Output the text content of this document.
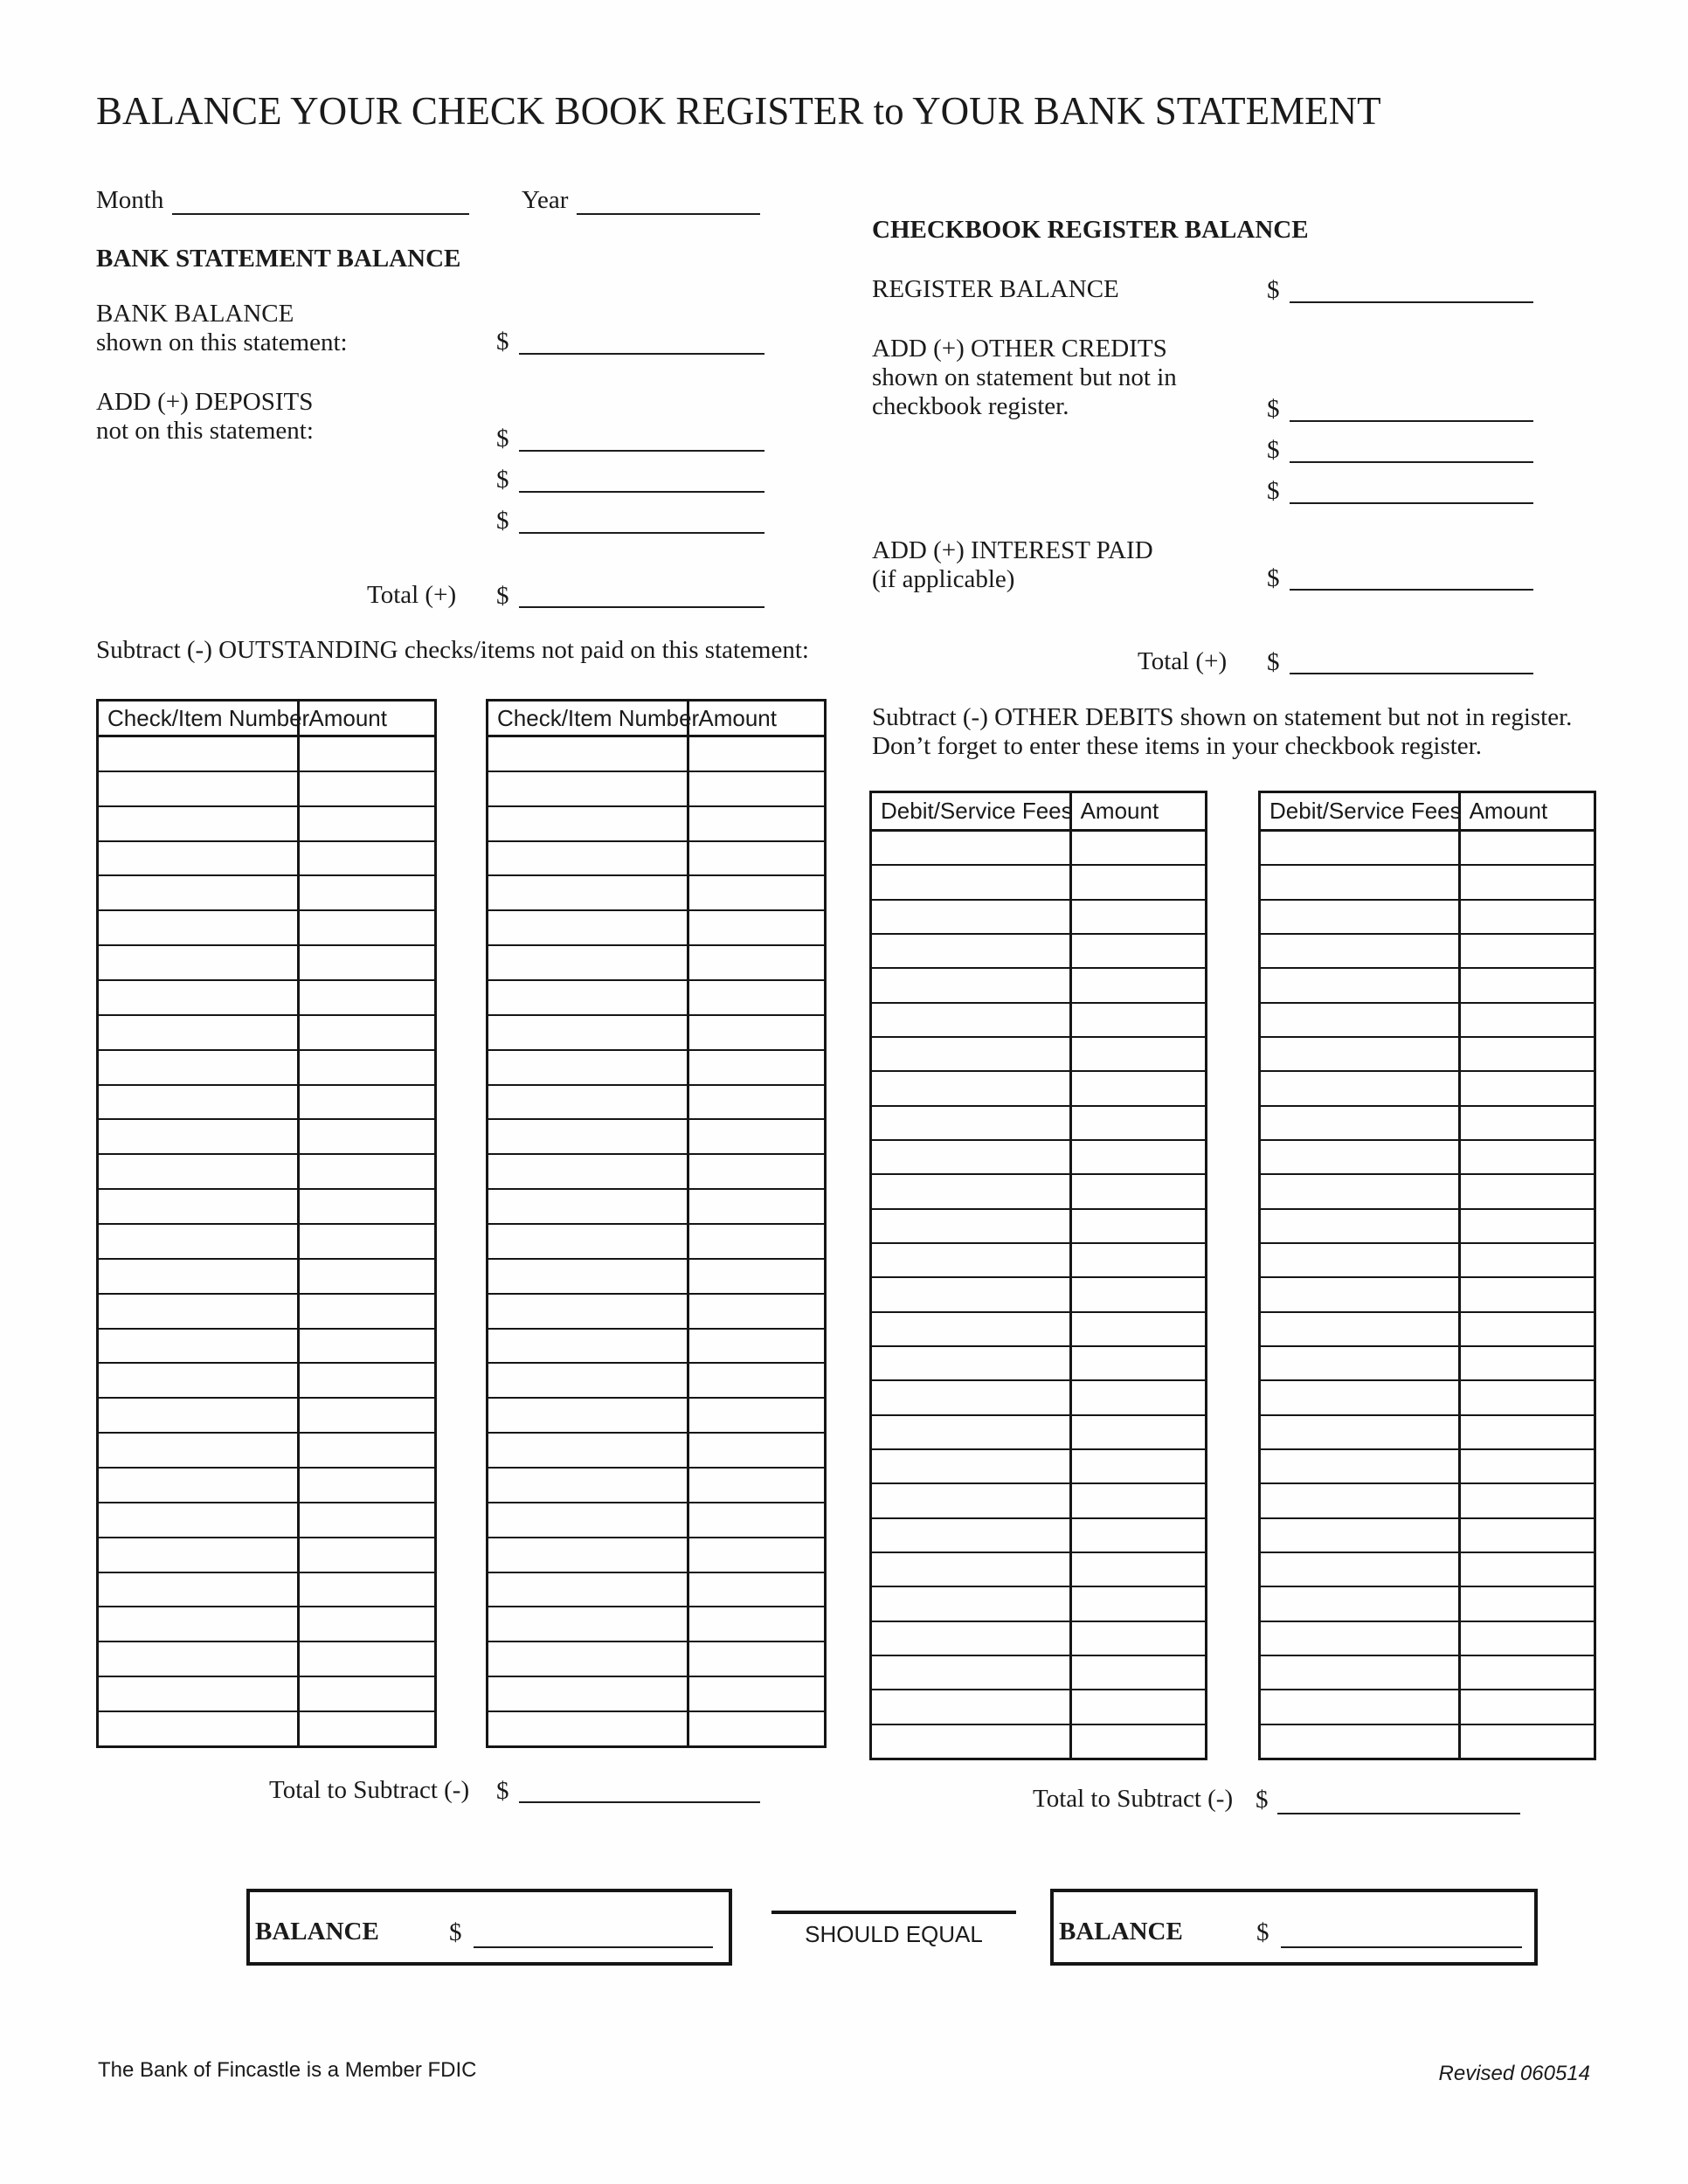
BALANCE YOUR CHECK BOOK REGISTER to YOUR BANK STATEMENT
Month	Year
BANK STATEMENT BALANCE
BANK BALANCE
shown on this statement:	$
ADD (+) DEPOSITS
not on this statement:	$
$
$
Total (+) $
Subtract (-) OUTSTANDING checks/items not paid on this statement:
Check/Item Number Amount	Check/Item Number Amount
Total to Subtract (-) $
CHECKBOOK REGISTER BALANCE
REGISTER BALANCE	$
ADD (+) OTHER CREDITS
shown on statement but not in
checkbook register.	$
$
$
ADD (+) INTEREST PAID
(if applicable)	$
Total (+) $
Subtract (-) OTHER DEBITS shown on statement but not in register.
Don’t forget to enter these items in your checkbook register.
Debit/Service Fees Amount	Debit/Service Fees Amount
Total to Subtract (-) $
BALANCE	$	SHOULD EQUAL	BALANCE	$
The Bank of Fincastle is a Member FDIC	Revised 060514
